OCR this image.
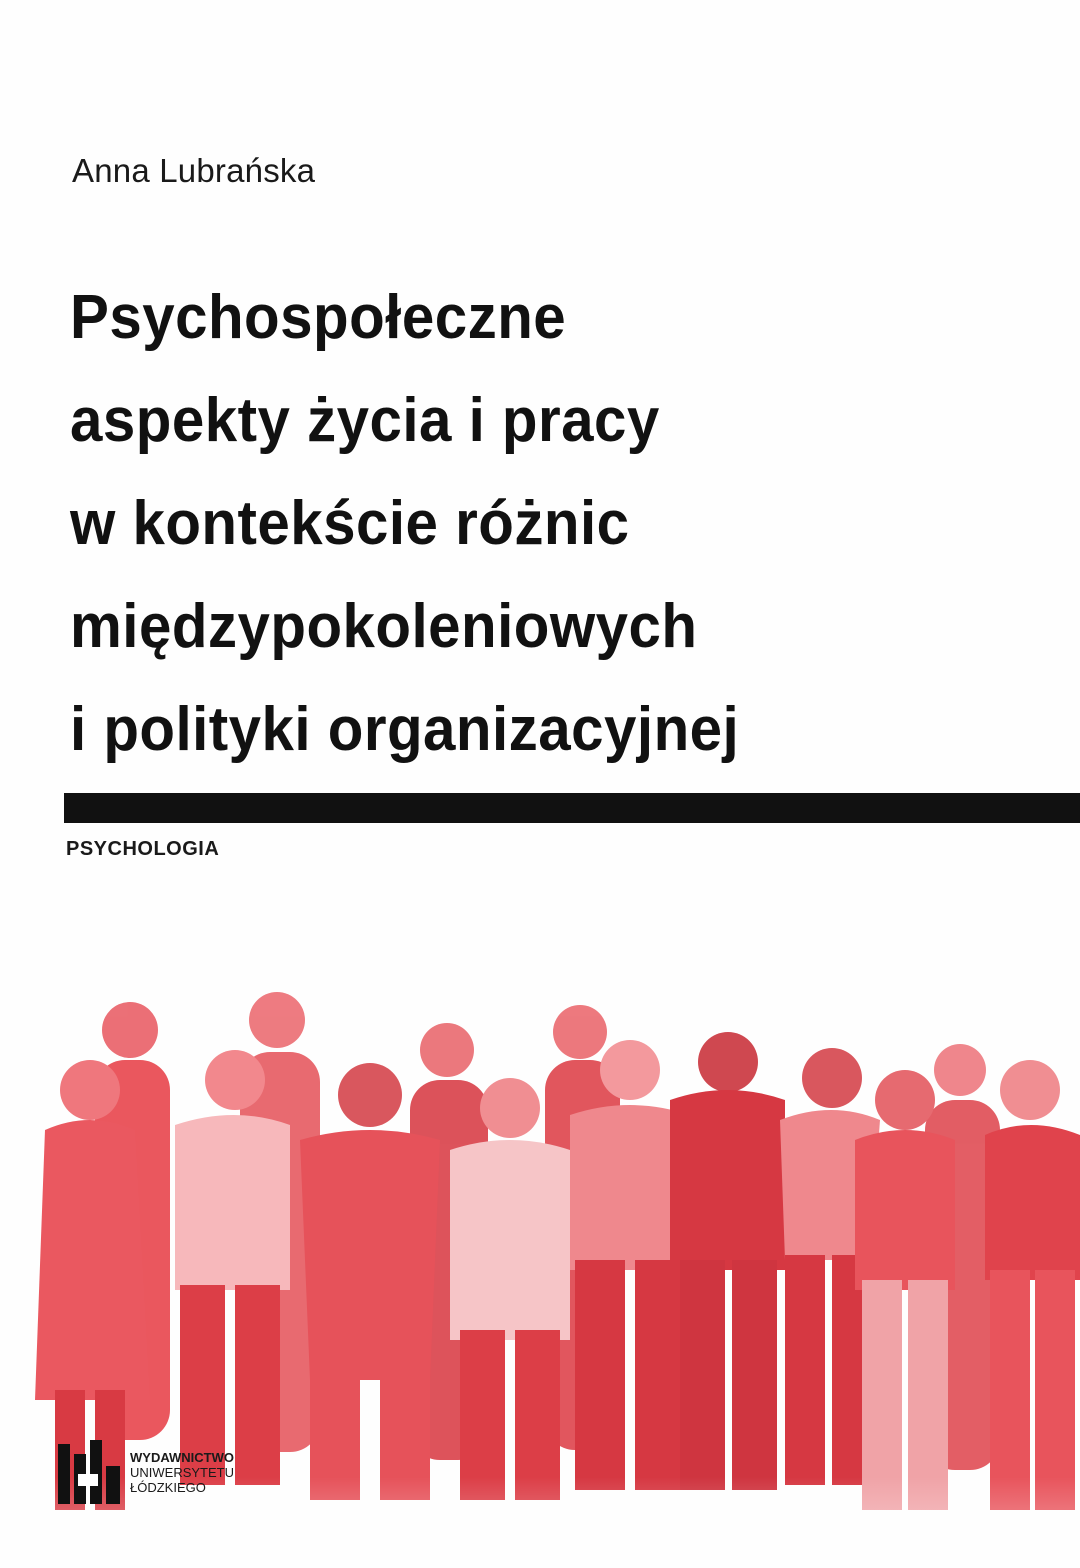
Anna Lubrańska
Psychospołeczne
aspekty życia i pracy
w kontekście różnic
międzypokoleniowych
i polityki organizacyjnej
PSYCHOLOGIA
WYDAWNICTWO
UNIWERSYTETU
ŁÓDZKIEGO
